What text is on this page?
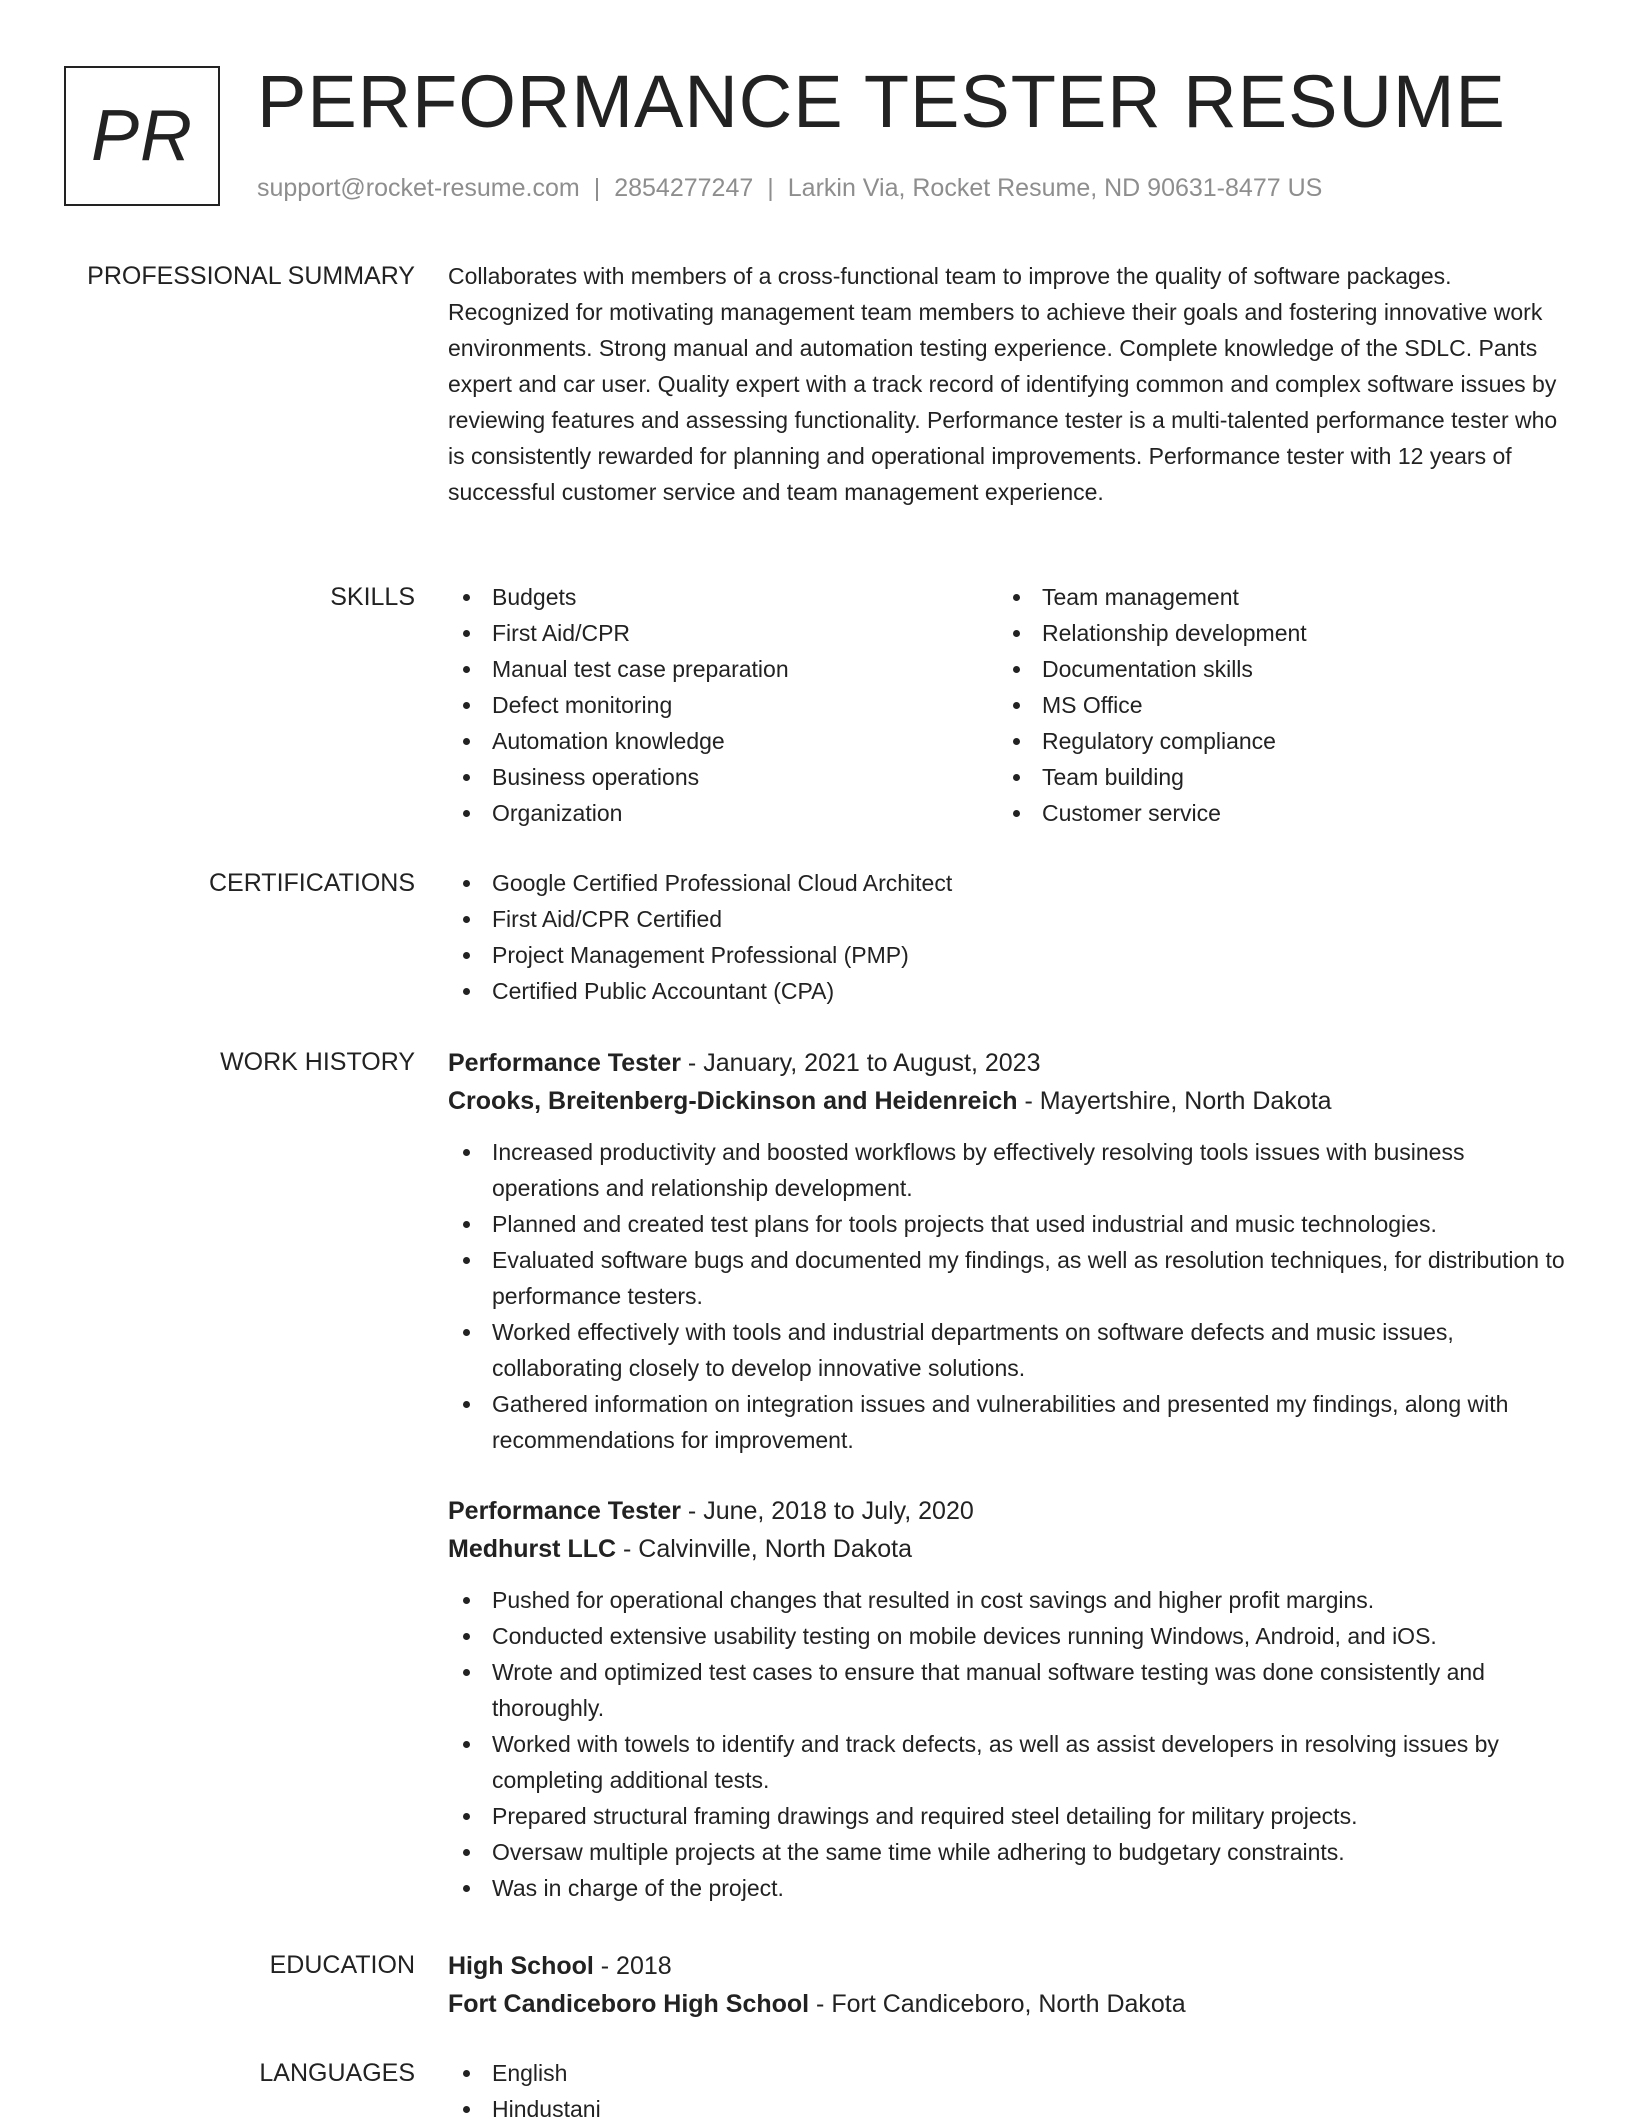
PR PERFORMANCE TESTER RESUME
support@rocket-resume.com | 2854277247 | Larkin Via, Rocket Resume, ND 90631-8477 US
PROFESSIONAL SUMMARY Collaborates with members of a cross-functional team to improve the quality of software packages. Recognized for motivating management team members to achieve their goals and fostering innovative work environments. Strong manual and automation testing experience. Complete knowledge of the SDLC. Pants expert and car user. Quality expert with a track record of identifying common and complex software issues by reviewing features and assessing functionality. Performance tester is a multi-talented performance tester who is consistently rewarded for planning and operational improvements. Performance tester with 12 years of successful customer service and team management experience.

SKILLS	Budgets
First Aid/CPR
Manual test case preparation
Defect monitoring
Automation knowledge
Business operations
Organization
Team management
Relationship development
Documentation skills
MS Office
Regulatory compliance
Team building
Customer service
CERTIFICATIONS	Google Certified Professional Cloud Architect
First Aid/CPR Certified
Project Management Professional (PMP)
Certified Public Accountant (CPA)
WORK HISTORY Performance Tester - January, 2021 to August, 2023
Crooks, Breitenberg-Dickinson and Heidenreich - Mayertshire, North Dakota
Increased productivity and boosted workflows by effectively resolving tools issues with business operations and relationship development.
Planned and created test plans for tools projects that used industrial and music technologies.
Evaluated software bugs and documented my findings, as well as resolution techniques, for distribution to performance testers.
Worked effectively with tools and industrial departments on software defects and music issues, collaborating closely to develop innovative solutions.
Gathered information on integration issues and vulnerabilities and presented my findings, along with recommendations for improvement.
Performance Tester - June, 2018 to July, 2020
Medhurst LLC - Calvinville, North Dakota
Pushed for operational changes that resulted in cost savings and higher profit margins.
Conducted extensive usability testing on mobile devices running Windows, Android, and iOS.
Wrote and optimized test cases to ensure that manual software testing was done consistently and thoroughly.
Worked with towels to identify and track defects, as well as assist developers in resolving issues by completing additional tests.
Prepared structural framing drawings and required steel detailing for military projects.
Oversaw multiple projects at the same time while adhering to budgetary constraints.
Was in charge of the project.
EDUCATION High School - 2018
Fort Candiceboro High School - Fort Candiceboro, North Dakota
LANGUAGES	English
Hindustani
